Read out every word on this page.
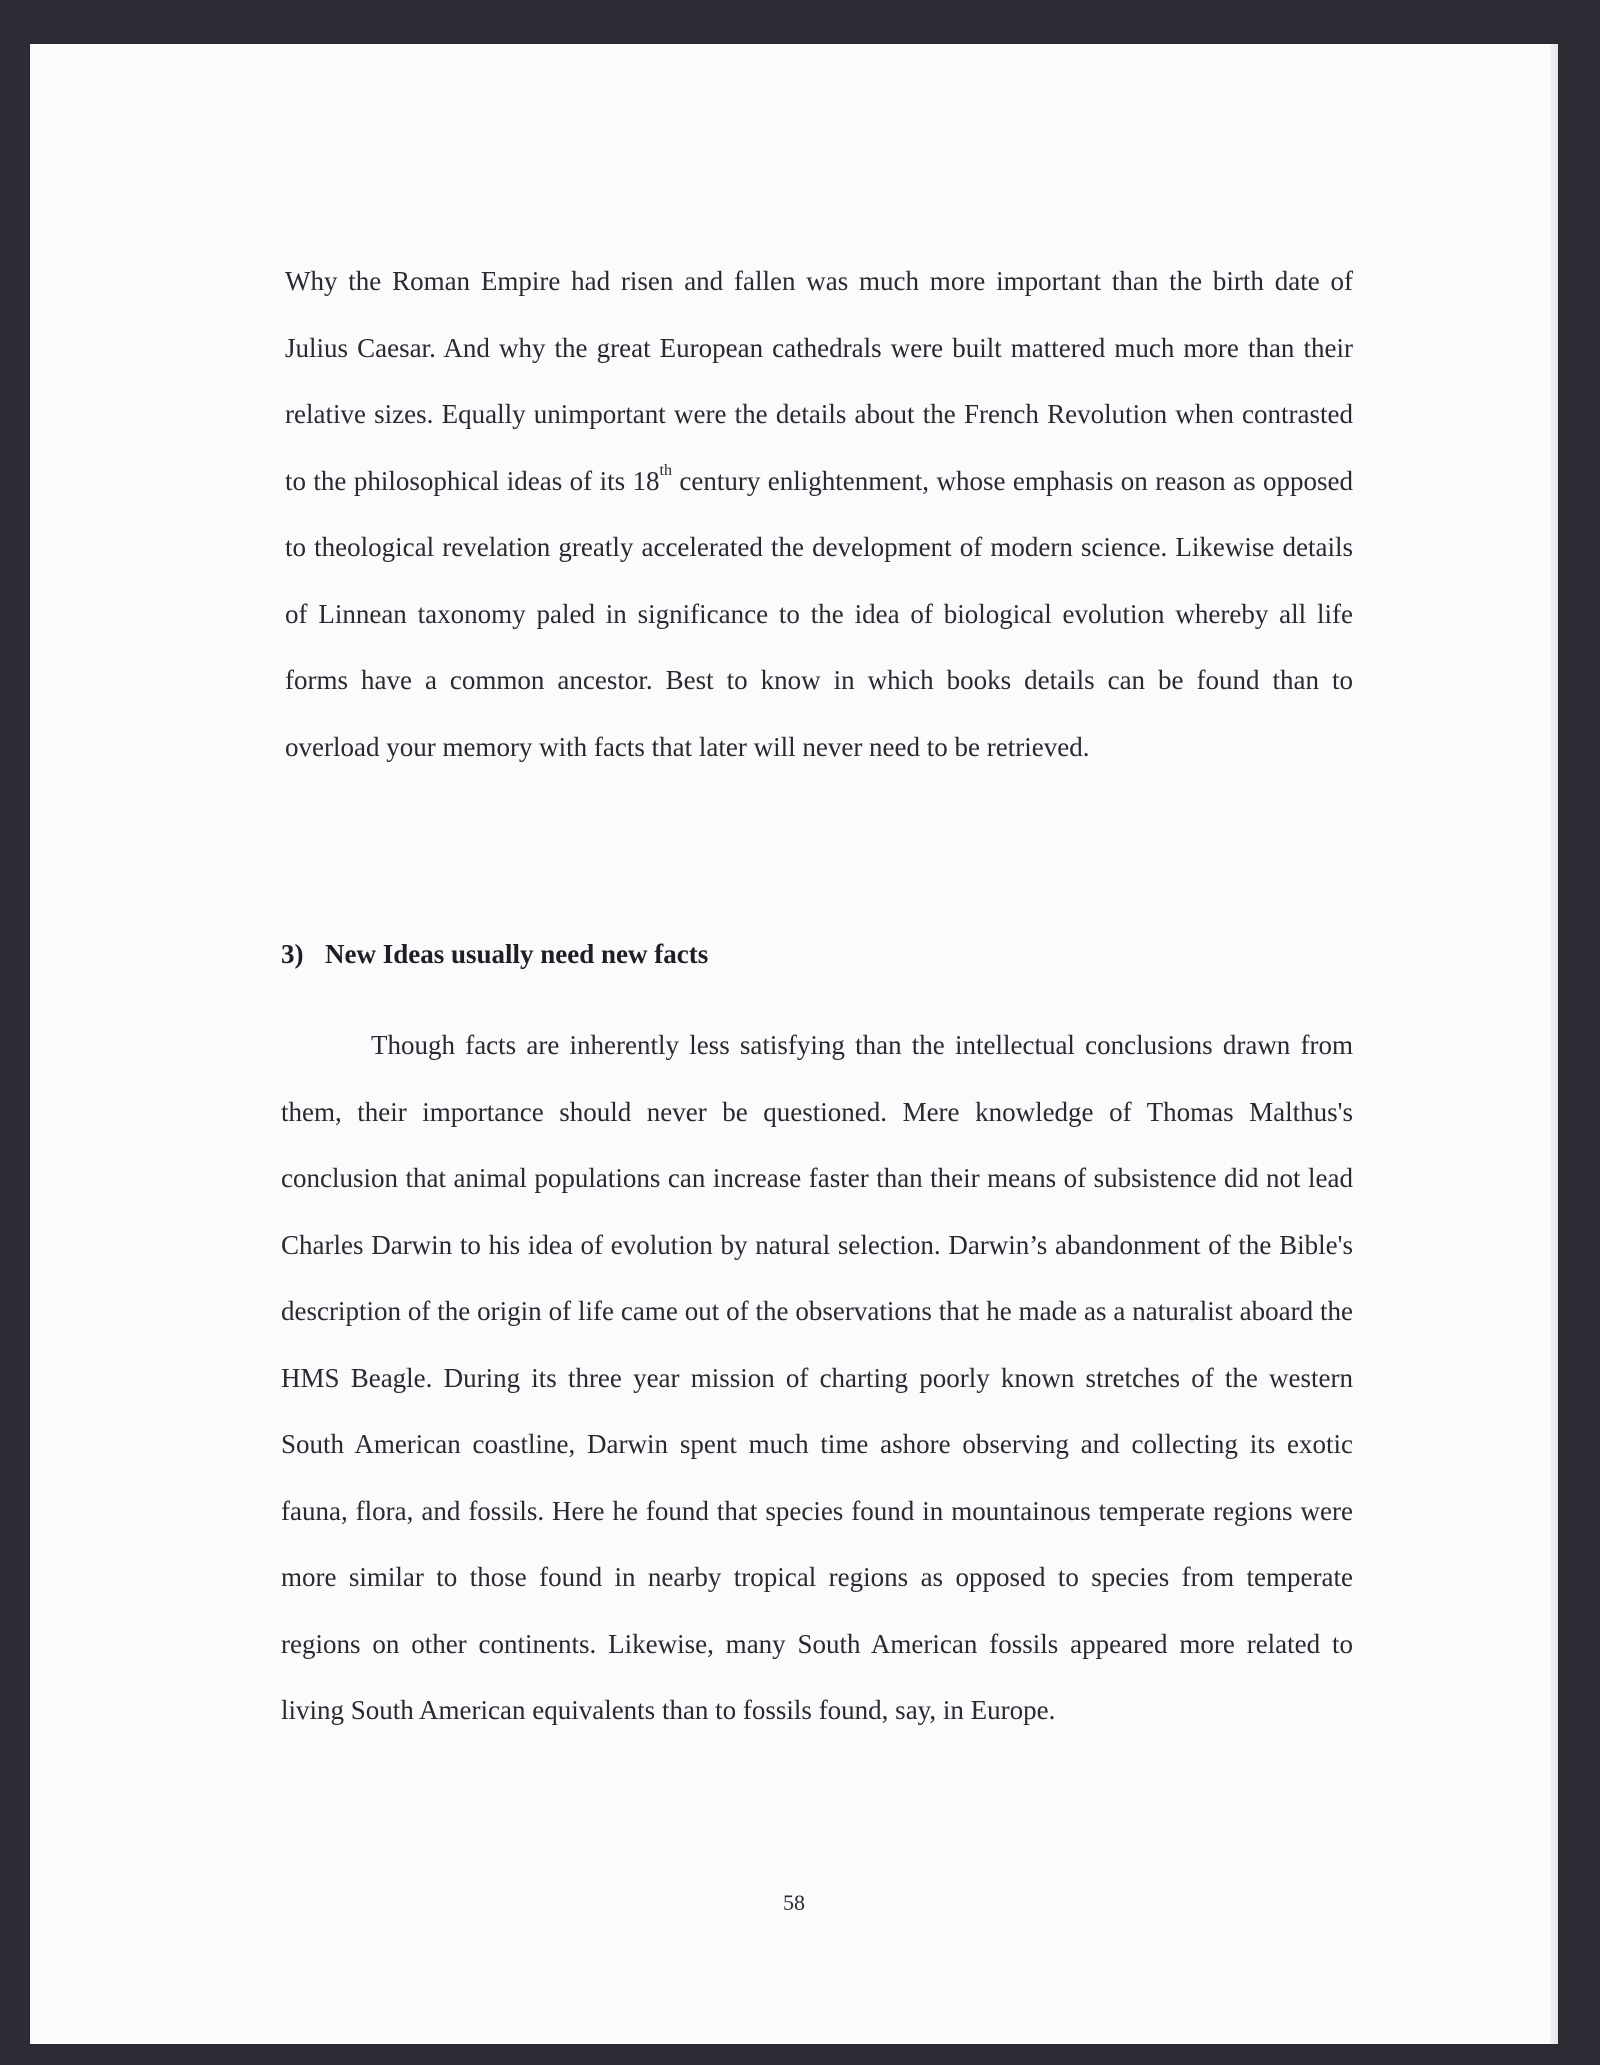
Why the Roman Empire had risen and fallen was much more important than the birth date of Julius Caesar. And why the great European cathedrals were built mattered much more than their relative sizes. Equally unimportant were the details about the French Revolution when contrasted to the philosophical ideas of its 18th century enlightenment, whose emphasis on reason as opposed to theological revelation greatly accelerated the development of modern science. Likewise details of Linnean taxonomy paled in significance to the idea of biological evolution whereby all life forms have a common ancestor. Best to know in which books details can be found than to overload your memory with facts that later will never need to be retrieved.

3) New Ideas usually need new facts

Though facts are inherently less satisfying than the intellectual conclusions drawn from them, their importance should never be questioned. Mere knowledge of Thomas Malthus's conclusion that animal populations can increase faster than their means of subsistence did not lead Charles Darwin to his idea of evolution by natural selection. Darwin’s abandonment of the Bible's description of the origin of life came out of the observations that he made as a naturalist aboard the HMS Beagle. During its three year mission of charting poorly known stretches of the western South American coastline, Darwin spent much time ashore observing and collecting its exotic fauna, flora, and fossils. Here he found that species found in mountainous temperate regions were more similar to those found in nearby tropical regions as opposed to species from temperate regions on other continents. Likewise, many South American fossils appeared more related to living South American equivalents than to fossils found, say, in Europe.

58
